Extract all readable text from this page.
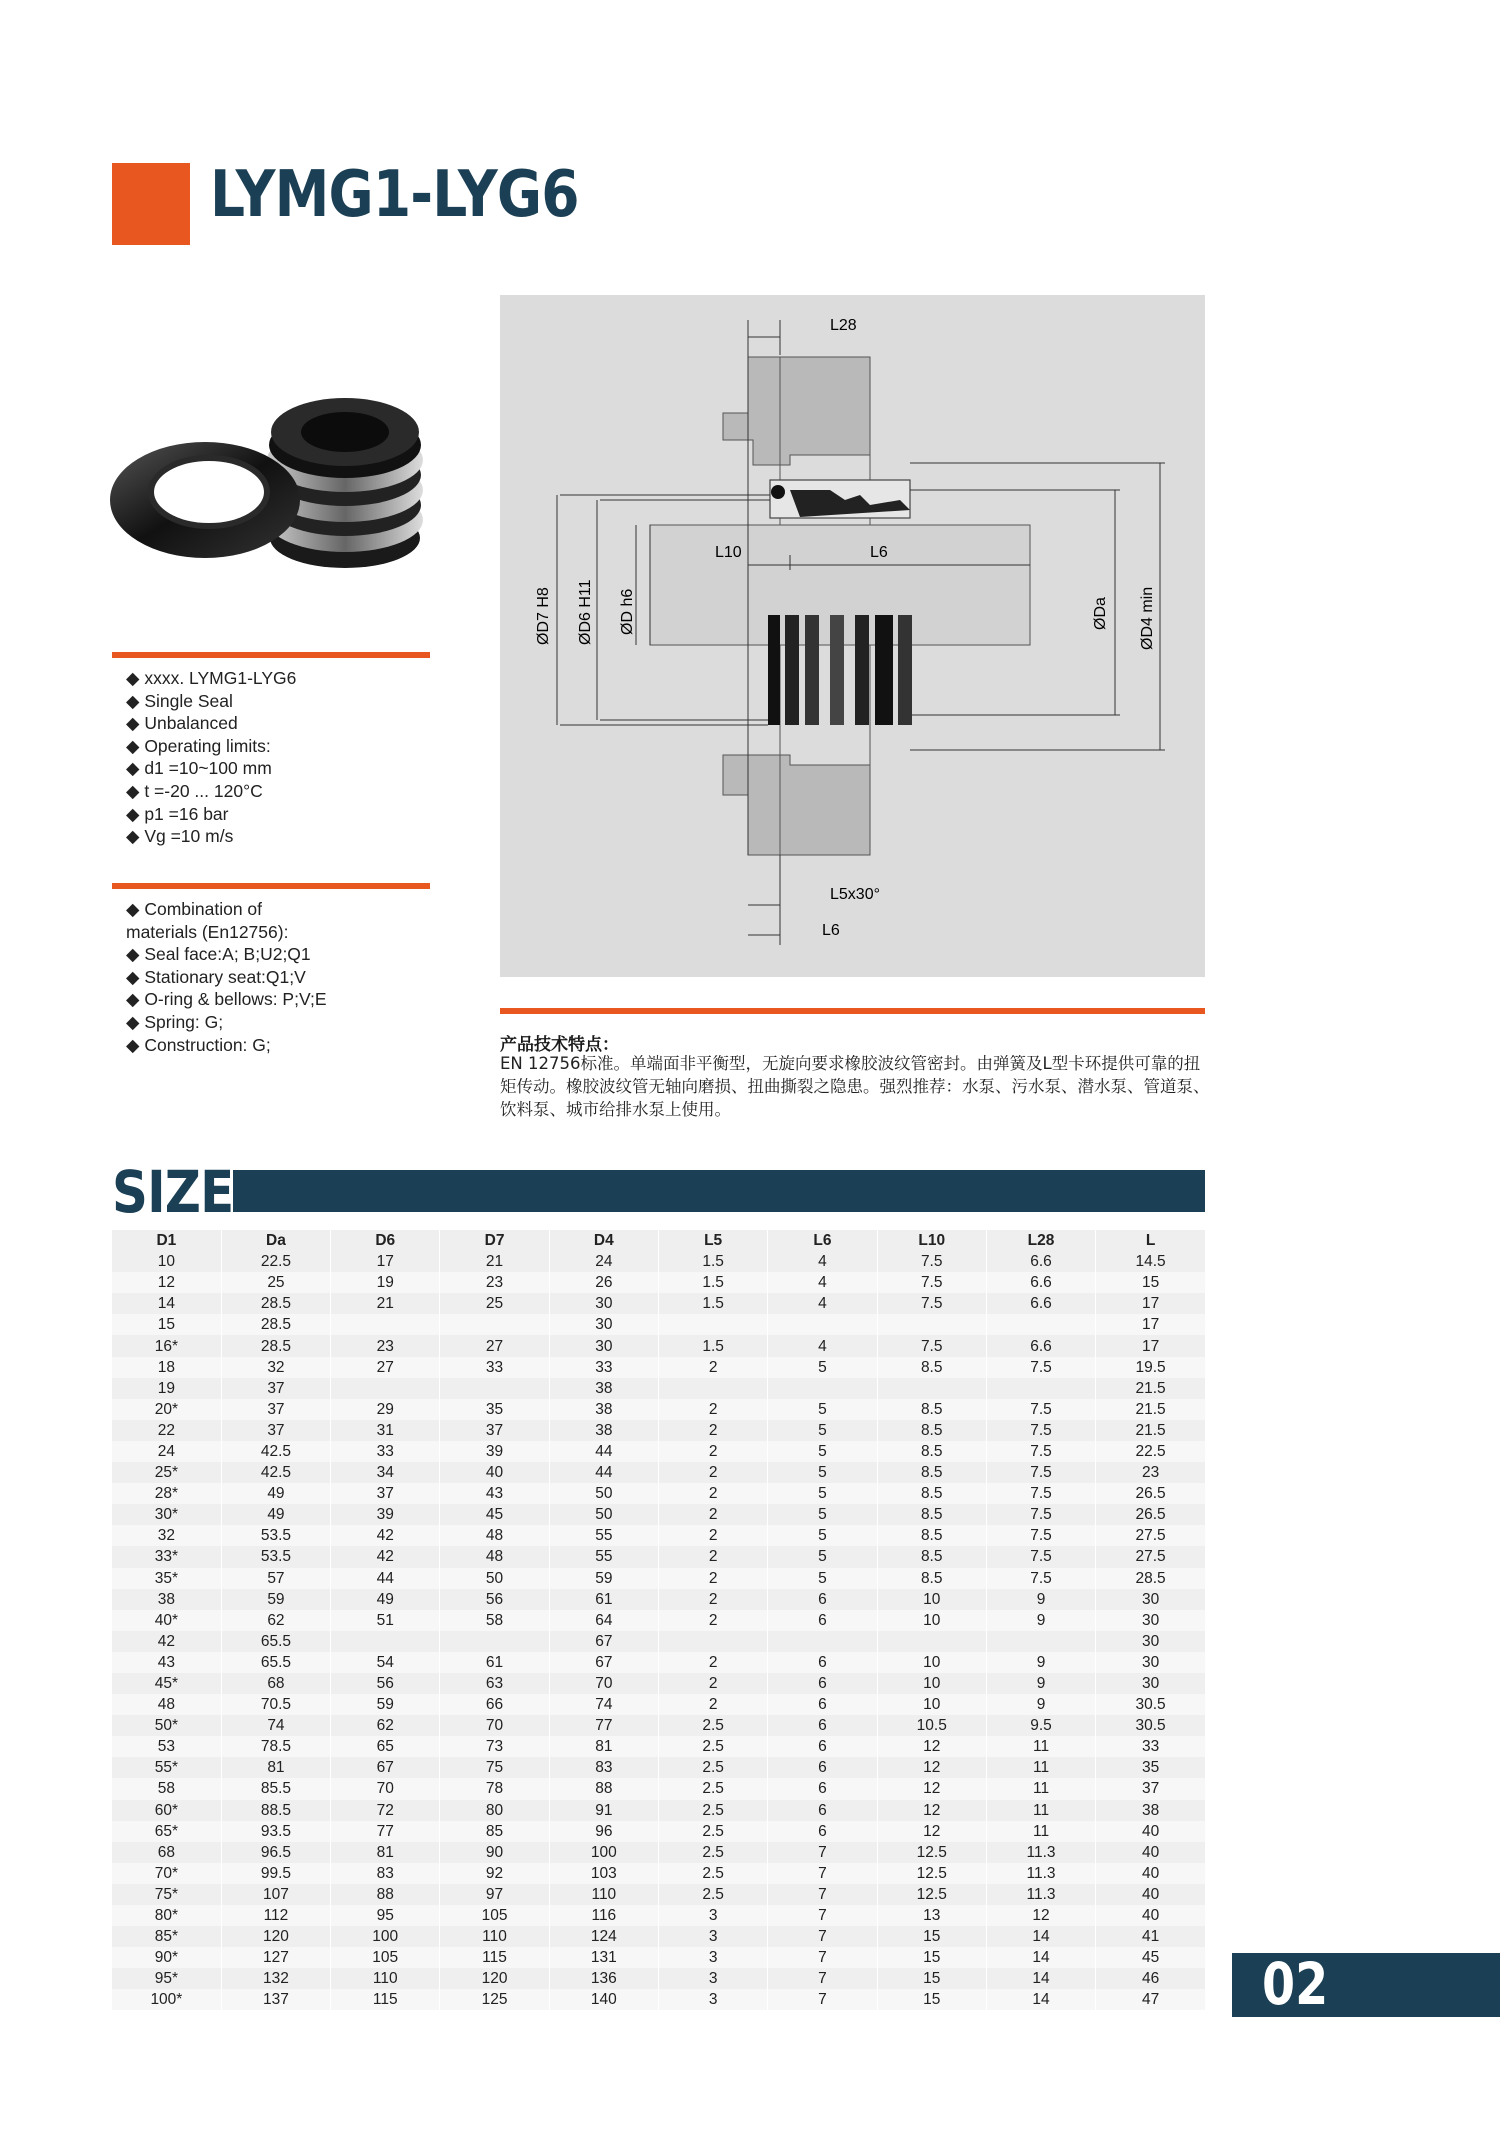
LYMG1-LYG6
◆ xxxx. LYMG1-LYG6
◆ Single Seal
◆ Unbalanced
◆ Operating limits:
◆ d1 =10~100 mm
◆ t =-20 ... 120°C
◆ p1 =16 bar
◆ Vg =10 m/s
◆ Combination of
materials (En12756):
◆ Seal face:A; B;U2;Q1
◆ Stationary seat:Q1;V
◆ O-ring & bellows: P;V;E
◆ Spring: G;
◆ Construction: G;
L28
L10	L6
ØD7 H8 ØD6 H11 ØD h6	ØDa ØD4 min
L5x30°
L6
产品技术特点：
EN 12756标准。单端面非平衡型，无旋向要求橡胶波纹管密封。由弹簧及L型卡环提供可靠的扭矩传动。橡胶波纹管无轴向磨损、扭曲撕裂之隐患。强烈推荐：水泵、污水泵、潜水泵、管道泵、饮料泵、城市给排水泵上使用。
SIZE
D1	Da	D6	D7	D4	L5	L6	L10	L28	L
10	22.5	17	21	24	1.5	4	7.5	6.6	14.5
12	25	19	23	26	1.5	4	7.5	6.6	15
14	28.5	21	25	30	1.5	4	7.5	6.6	17
15	28.5			30					17
16*	28.5	23	27	30	1.5	4	7.5	6.6	17
18	32	27	33	33	2	5	8.5	7.5	19.5
19	37			38					21.5
20*	37	29	35	38	2	5	8.5	7.5	21.5
22	37	31	37	38	2	5	8.5	7.5	21.5
24	42.5	33	39	44	2	5	8.5	7.5	22.5
25*	42.5	34	40	44	2	5	8.5	7.5	23
28*	49	37	43	50	2	5	8.5	7.5	26.5
30*	49	39	45	50	2	5	8.5	7.5	26.5
32	53.5	42	48	55	2	5	8.5	7.5	27.5
33*	53.5	42	48	55	2	5	8.5	7.5	27.5
35*	57	44	50	59	2	5	8.5	7.5	28.5
38	59	49	56	61	2	6	10	9	30
40*	62	51	58	64	2	6	10	9	30
42	65.5			67					30
43	65.5	54	61	67	2	6	10	9	30
45*	68	56	63	70	2	6	10	9	30
48	70.5	59	66	74	2	6	10	9	30.5
50*	74	62	70	77	2.5	6	10.5	9.5	30.5
53	78.5	65	73	81	2.5	6	12	11	33
55*	81	67	75	83	2.5	6	12	11	35
58	85.5	70	78	88	2.5	6	12	11	37
60*	88.5	72	80	91	2.5	6	12	11	38
65*	93.5	77	85	96	2.5	6	12	11	40
68	96.5	81	90	100	2.5	7	12.5	11.3	40
70*	99.5	83	92	103	2.5	7	12.5	11.3	40
75*	107	88	97	110	2.5	7	12.5	11.3	40
80*	112	95	105	116	3	7	13	12	40
85*	120	100	110	124	3	7	15	14	41
90*	127	105	115	131	3	7	15	14	45
95*	132	110	120	136	3	7	15	14	46
100*	137	115	125	140	3	7	15	14	47 02
